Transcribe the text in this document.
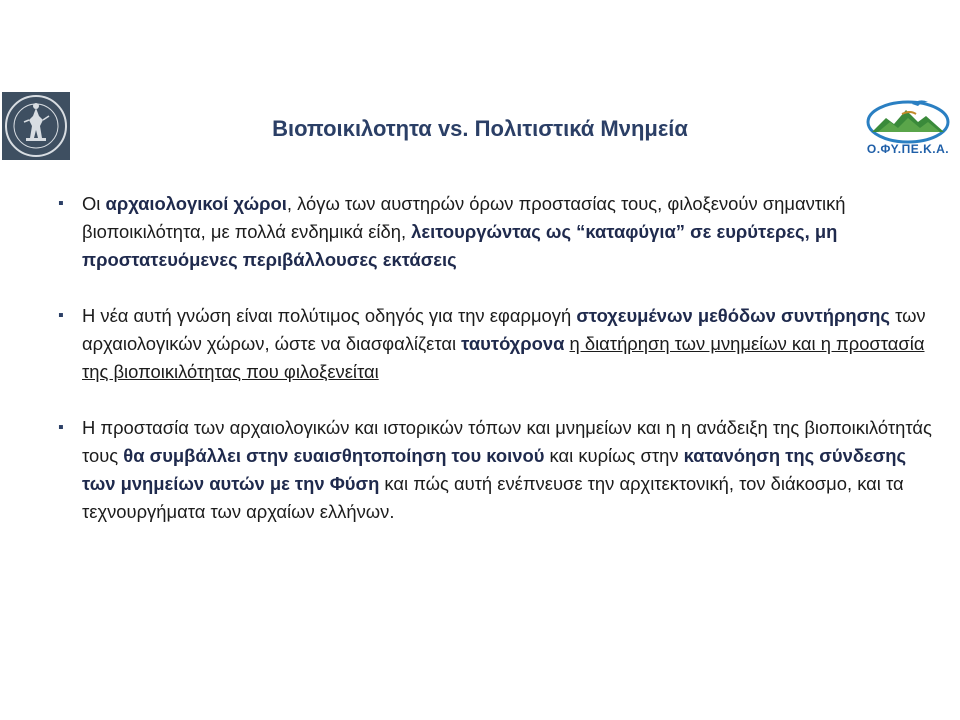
Ο.ΦΥ.ΠΕ.Κ.Α.
Βιοποικιλοτητα vs. Πολιτιστικά Μνημεία
▪ Οι αρχαιολογικοί χώροι, λόγω των αυστηρών όρων προστασίας τους, φιλοξενούν σημαντική βιοποικιλότητα, με πολλά ενδημικά είδη, λειτουργώντας ως “καταφύγια” σε ευρύτερες, μη προστατευόμενες περιβάλλουσες εκτάσεις
▪ Η νέα αυτή γνώση είναι πολύτιμος οδηγός για την εφαρμογή στοχευμένων μεθόδων συντήρησης των αρχαιολογικών χώρων, ώστε να διασφαλίζεται ταυτόχρονα η διατήρηση των μνημείων και η προστασία της βιοποικιλότητας που φιλοξενείται
▪ Η προστασία των αρχαιολογικών και ιστορικών τόπων και μνημείων και η η ανάδειξη της βιοποικιλότητάς τους θα συμβάλλει στην ευαισθητοποίηση του κοινού και κυρίως στην κατανόηση της σύνδεσης των μνημείων αυτών με την Φύση και πώς αυτή ενέπνευσε την αρχιτεκτονική, τον διάκοσμο, και τα τεχνουργήματα των αρχαίων ελλήνων.
